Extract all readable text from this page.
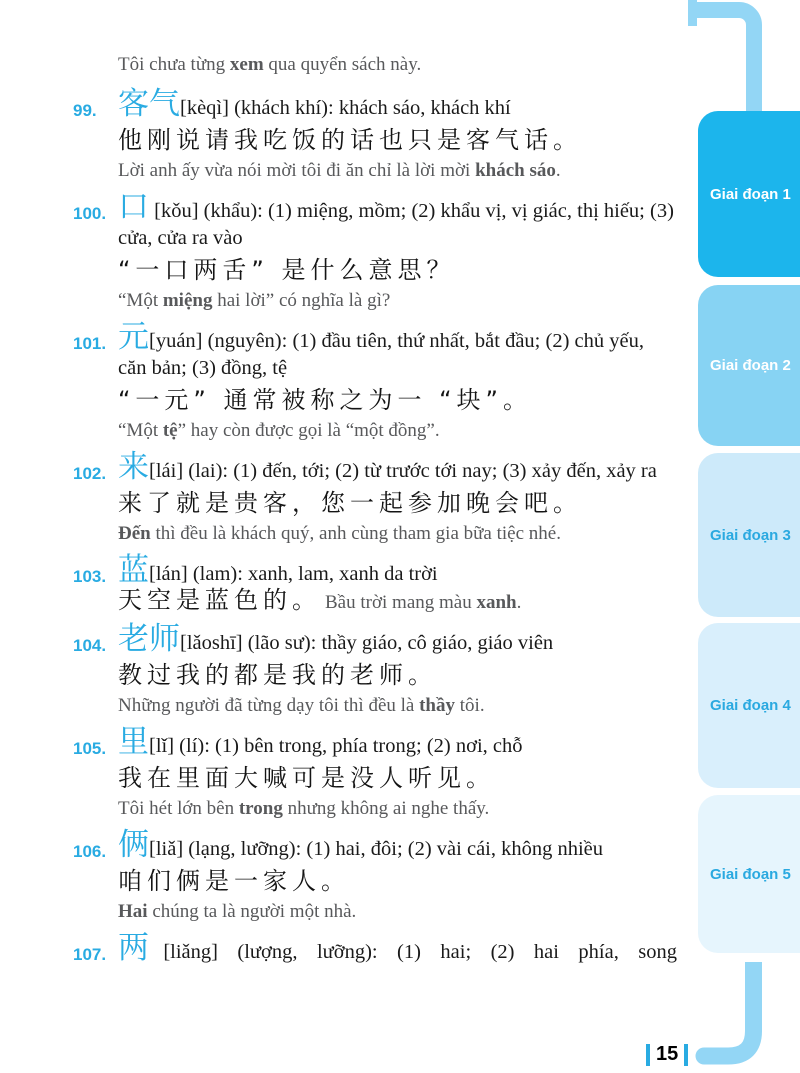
Giai đoạn 1
Giai đoạn 2
Giai đoạn 3
Giai đoạn 4
Giai đoạn 5

Tôi chưa từng xem qua quyển sách này.

99. 客气[kèqì] (khách khí): khách sáo, khách khí
他刚说请我吃饭的话也只是客气话。
Lời anh ấy vừa nói mời tôi đi ăn chỉ là lời mời khách sáo.
100. 口 [kǒu] (khẩu): (1) miệng, mồm; (2) khẩu vị, vị giác, thị hiếu; (3) cửa, cửa ra vào
“一口两舌” 是什么意思？
“Một miệng hai lời” có nghĩa là gì?
101. 元[yuán] (nguyên): (1) đầu tiên, thứ nhất, bắt đầu; (2) chủ yếu, căn bản; (3) đồng, tệ
“一元” 通常被称之为一 “块”。
“Một tệ” hay còn được gọi là “một đồng”.
102. 来[lái] (lai): (1) đến, tới; (2) từ trước tới nay; (3) xảy đến, xảy ra
来了就是贵客，您一起参加晚会吧。
Đến thì đều là khách quý, anh cùng tham gia bữa tiệc nhé.
103. 蓝[lán] (lam): xanh, lam, xanh da trời
天空是蓝色的。 Bầu trời mang màu xanh.
104. 老师[lǎoshī] (lão sư): thầy giáo, cô giáo, giáo viên
教过我的都是我的老师。
Những người đã từng dạy tôi thì đều là thầy tôi.
105. 里[lǐ] (lí): (1) bên trong, phía trong; (2) nơi, chỗ
我在里面大喊可是没人听见。
Tôi hét lớn bên trong nhưng không ai nghe thấy.
106. 俩[liǎ] (lạng, lưỡng): (1) hai, đôi; (2) vài cái, không nhiều
咱们俩是一家人。
Hai chúng ta là người một nhà.
107. 两[liǎng] (lượng, lưỡng): (1) hai; (2) hai phía, song
15
